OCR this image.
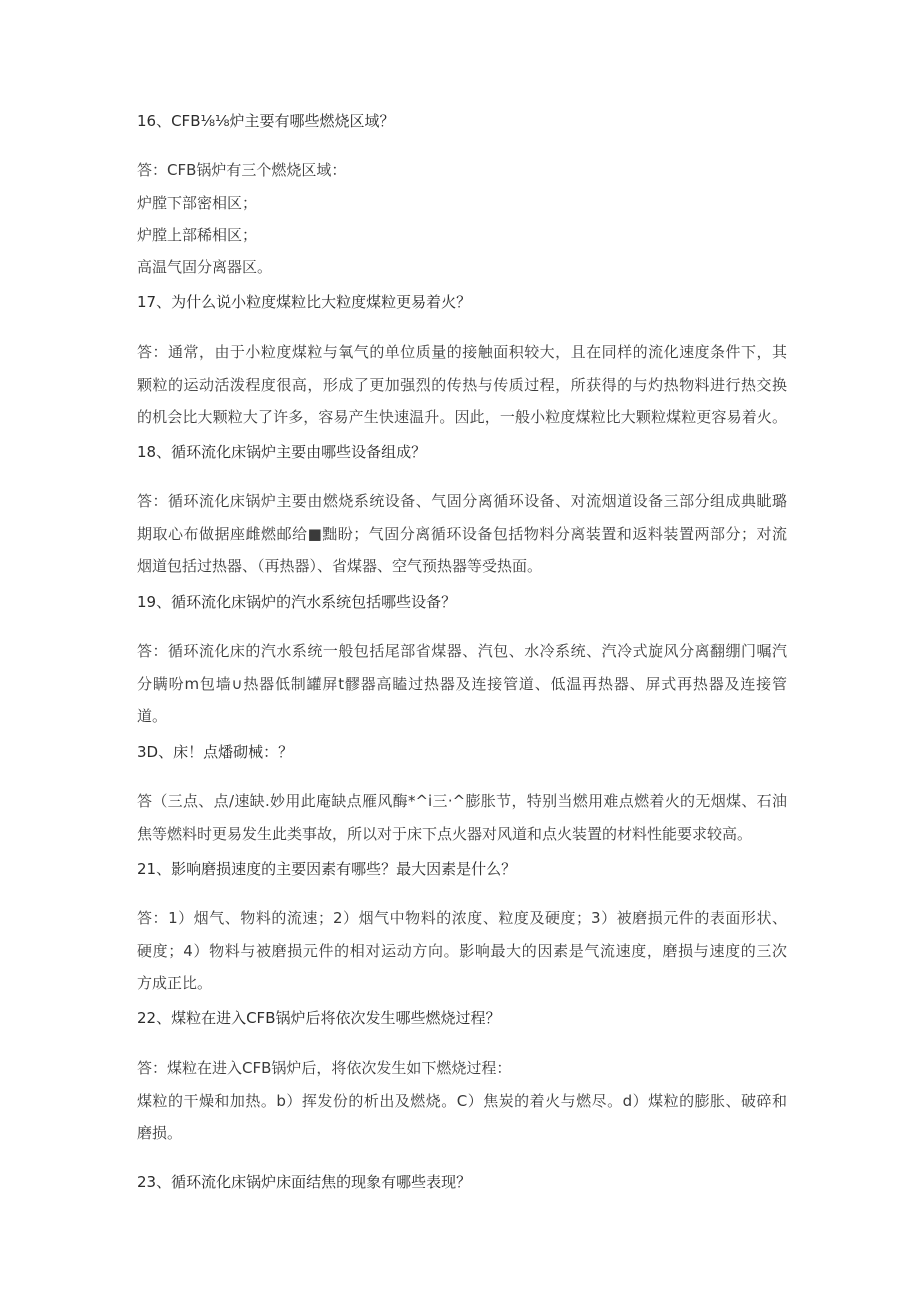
16、CFB⅛⅛炉主要有哪些燃烧区域？
答：CFB锅炉有三个燃烧区域：
炉膛下部密相区；
炉膛上部稀相区；
高温气固分离器区。
17、为什么说小粒度煤粒比大粒度煤粒更易着火？
答：通常，由于小粒度煤粒与氧气的单位质量的接触面积较大，且在同样的流化速度条件下，其
颗粒的运动活泼程度很高，形成了更加强烈的传热与传质过程，所获得的与灼热物料进行热交换
的机会比大颗粒大了许多，容易产生快速温升。因此，一般小粒度煤粒比大颗粒煤粒更容易着火。
18、循环流化床锅炉主要由哪些设备组成？
答：循环流化床锅炉主要由燃烧系统设备、气固分离循环设备、对流烟道设备三部分组成典眦璐
期取心布做据座雌燃邮给■黜盼；气固分离循环设备包括物料分离装置和返料装置两部分；对流
烟道包括过热器、（再热器）、省煤器、空气预热器等受热面。
19、循环流化床锅炉的汽水系统包括哪些设备？
答：循环流化床的汽水系统一般包括尾部省煤器、汽包、水冷系统、汽冷式旋风分离翻绷门嘱汽
分瞒吩m包墙∪热器低制罐屏t髎器高瞌过热器及连接管道、低温再热器、屏式再热器及连接管
道。
3D、床！点燔砌械：？
答（三点、点/速缺.妙用此庵缺点雁风酶*^i三·^膨胀节，特别当燃用难点燃着火的无烟煤、石油
焦等燃料时更易发生此类事故，所以对于床下点火器对风道和点火装置的材料性能要求较高。
21、影响磨损速度的主要因素有哪些？最大因素是什么？
答：1）烟气、物料的流速；2）烟气中物料的浓度、粒度及硬度；3）被磨损元件的表面形状、
硬度；4）物料与被磨损元件的相对运动方向。影响最大的因素是气流速度，磨损与速度的三次
方成正比。
22、煤粒在进入CFB锅炉后将依次发生哪些燃烧过程？
答：煤粒在进入CFB锅炉后，将依次发生如下燃烧过程：
煤粒的干燥和加热。b）挥发份的析出及燃烧。C）焦炭的着火与燃尽。d）煤粒的膨胀、破碎和
磨损。
23、循环流化床锅炉床面结焦的现象有哪些表现？
